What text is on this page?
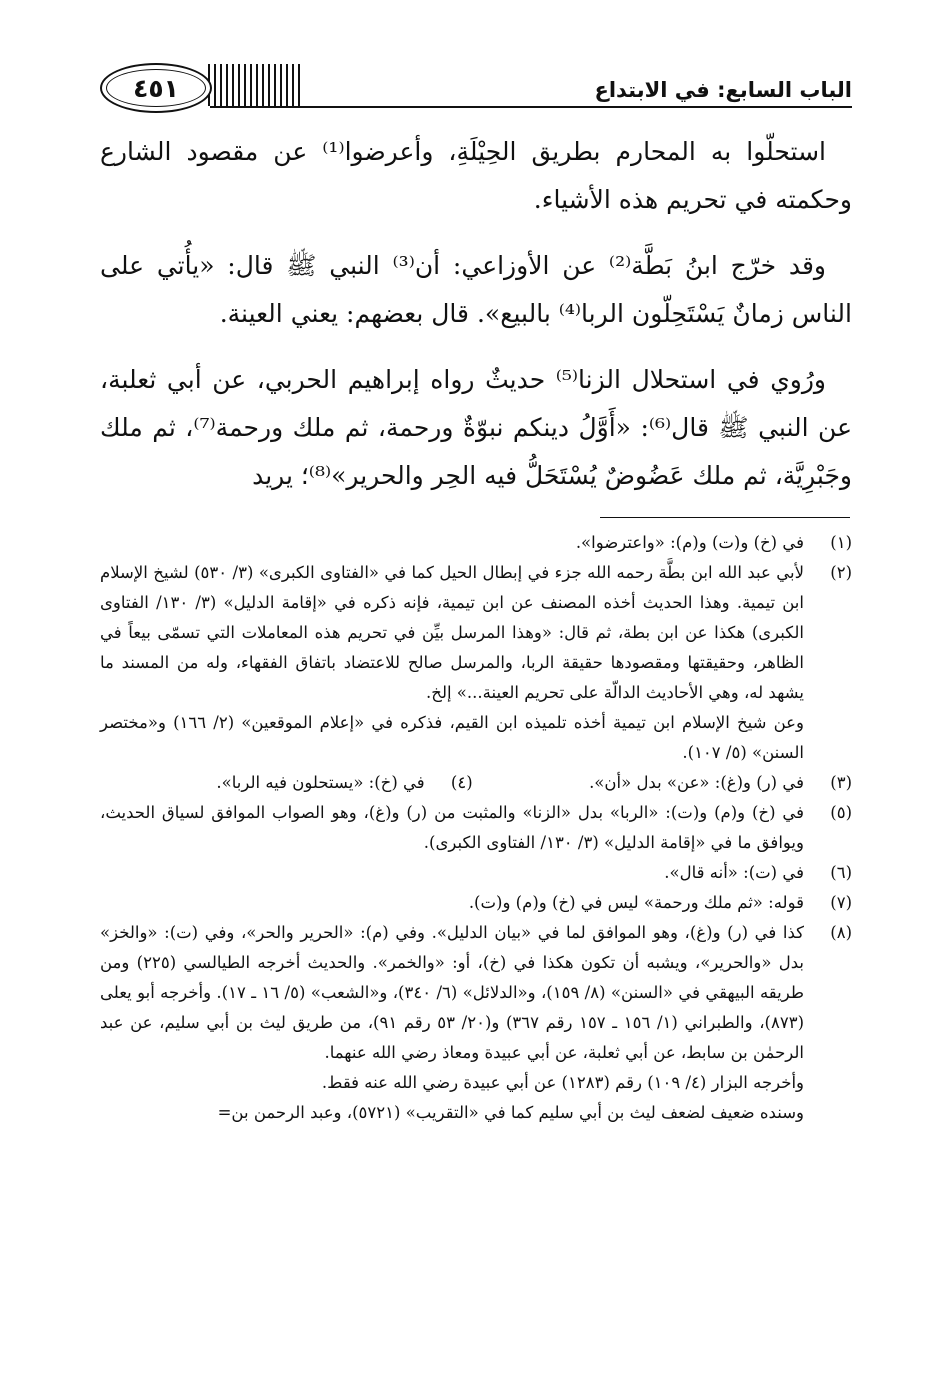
الباب السابع: في الابتداع
٤٥١

استحلّوا به المحارم بطريق الحِيْلَةِ، وأعرضوا⁽¹⁾ عن مقصود الشارع وحكمته في تحريم هذه الأشياء.

وقد خرّج ابنُ بَطَّة⁽²⁾ عن الأوزاعي: أن⁽³⁾ النبي ﷺ قال: «يأُتي على الناس زمانٌ يَسْتَحِلّون الربا⁽⁴⁾ بالبيع». قال بعضهم: يعني العينة.

ورُوي في استحلال الزنا⁽⁵⁾ حديثٌ رواه إبراهيم الحربي، عن أبي ثعلبة، عن النبي ﷺ قال⁽⁶⁾: «أَوَّلُ دينكم نبوّةٌ ورحمة، ثم ملك ورحمة⁽⁷⁾، ثم ملك وجَبْرِيَّة، ثم ملك عَضُوضٌ يُسْتَحَلُّ فيه الحِر والحرير»⁽⁸⁾؛ يريد

(١)
في (خ) و(ت) و(م): «واعترضوا».
(٢)
لأبي عبد الله ابن بطَّة رحمه الله جزء في إبطال الحيل كما في «الفتاوى الكبرى» (٣/ ٥٣٠) لشيخ الإسلام ابن تيمية. وهذا الحديث أخذه المصنف عن ابن تيمية، فإنه ذكره في «إقامة الدليل» (٣/ ١٣٠/ الفتاوى الكبرى) هكذا عن ابن بطة، ثم قال: «وهذا المرسل بيِّن في تحريم هذه المعاملات التي تسمّى بيعاً في الظاهر، وحقيقتها ومقصودها حقيقة الربا، والمرسل صالح للاعتضاد باتفاق الفقهاء، وله من المسند ما يشهد له، وهي الأحاديث الدالّة على تحريم العينة...» إلخ.
وعن شيخ الإسلام ابن تيمية أخذه تلميذه ابن القيم، فذكره في «إعلام الموقعين» (٢/ ١٦٦) و«مختصر السنن» (٥/ ١٠٧).
(٣)
في (ر) و(غ): «عن» بدل «أن».
(٤)
في (خ): «يستحلون فيه الربا».
(٥)
في (خ) و(م) و(ت): «الربا» بدل «الزنا» والمثبت من (ر) و(غ)، وهو الصواب الموافق لسياق الحديث، ويوافق ما في «إقامة الدليل» (٣/ ١٣٠/ الفتاوى الكبرى).
(٦)
في (ت): «أنه قال».
(٧)
قوله: «ثم ملك ورحمة» ليس في (خ) و(م) و(ت).
(٨)
كذا في (ر) و(غ)، وهو الموافق لما في «بيان الدليل». وفي (م): «الحرير والحر»، وفي (ت): «والخز» بدل «والحرير»، ويشبه أن تكون هكذا في (خ)، أو: «والخمر». والحديث أخرجه الطيالسي (٢٢٥) ومن طريقه البيهقي في «السنن» (٨/ ١٥٩)، و«الدلائل» (٦/ ٣٤٠)، و«الشعب» (٥/ ١٦ ـ ١٧). وأخرجه أبو يعلى (٨٧٣)، والطبراني (١/ ١٥٦ ـ ١٥٧ رقم ٣٦٧) و(٢٠/ ٥٣ رقم ٩١)، من طريق ليث بن أبي سليم، عن عبد الرحمٰن بن سابط، عن أبي ثعلبة، عن أبي عبيدة ومعاذ رضي الله عنهما.
وأخرجه البزار (٤/ ١٠٩) رقم (١٢٨٣) عن أبي عبيدة رضي الله عنه فقط.
وسنده ضعيف لضعف ليث بن أبي سليم كما في «التقريب» (٥٧٢١)، وعبد الرحمن بن=
